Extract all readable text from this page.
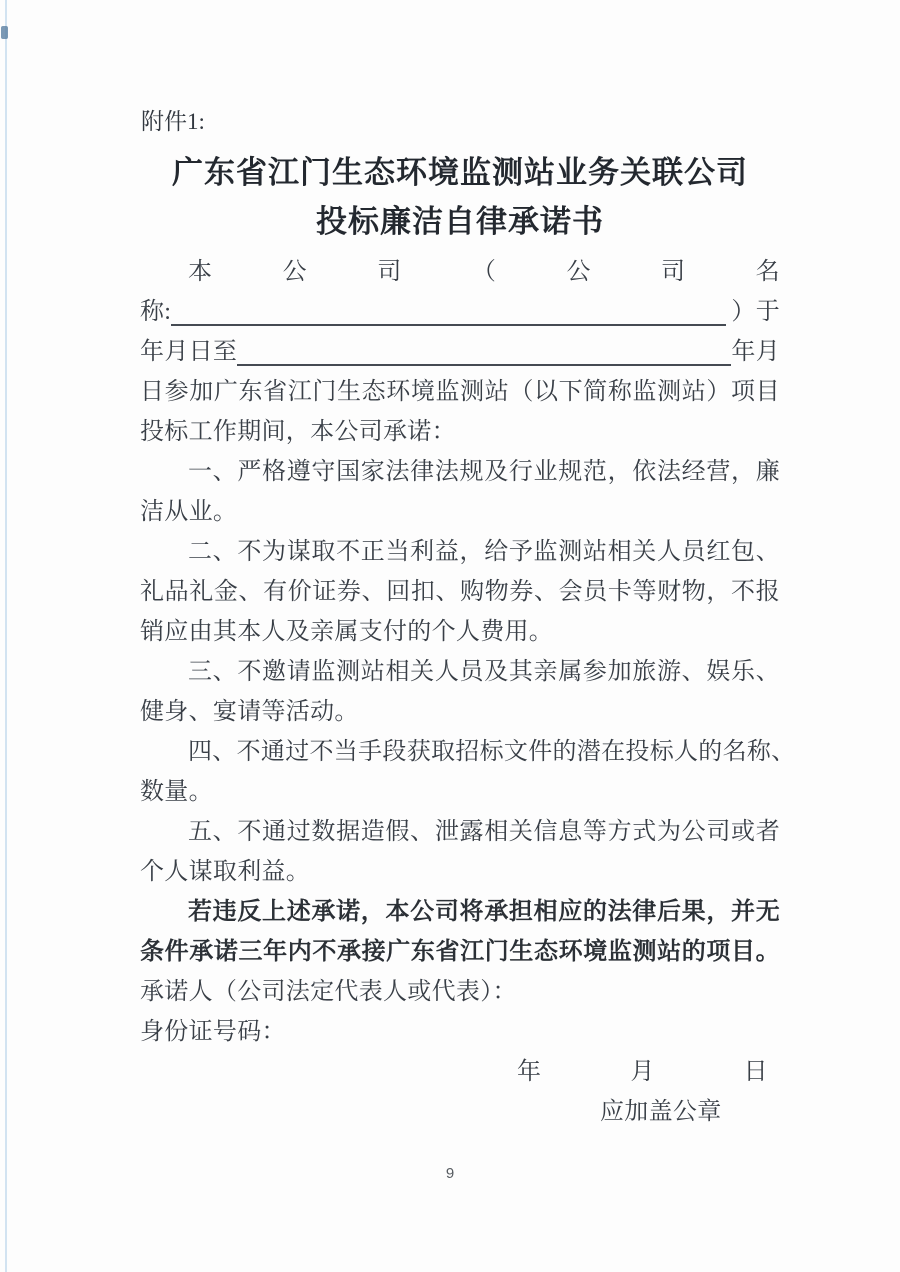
附件1:
广东省江门生态环境监测站业务关联公司
投标廉洁自律承诺书
本	公	司	（	公	司	名
称:	）于
年 月 日至	年 月
日参加广东省江门生态环境监测站（以下简称监测站）项目
投标工作期间，本公司承诺：
一、严格遵守国家法律法规及行业规范，依法经营，廉
洁从业。
二、不为谋取不正当利益，给予监测站相关人员红包、
礼品礼金、有价证券、回扣、购物券、会员卡等财物，不报
销应由其本人及亲属支付的个人费用。
三、不邀请监测站相关人员及其亲属参加旅游、娱乐、
健身、宴请等活动。
四、不通过不当手段获取招标文件的潜在投标人的名称、
数量。
五、不通过数据造假、泄露相关信息等方式为公司或者
个人谋取利益。
若违反上述承诺，本公司将承担相应的法律后果，并无
条件承诺三年内不承接广东省江门生态环境监测站的项目。
承诺人（公司法定代表人或代表）：
身份证号码：
年	月	日
应加盖公章
9
